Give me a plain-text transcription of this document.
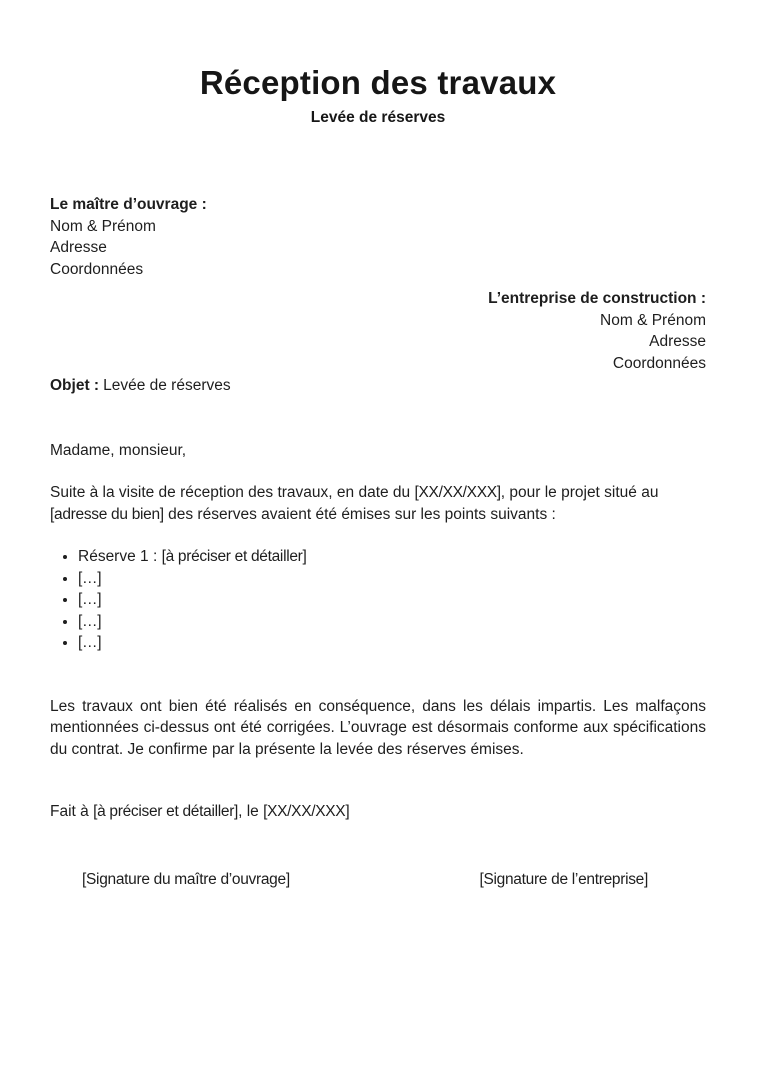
Réception des travaux
Levée de réserves
Le maître d’ouvrage :
Nom & Prénom
Adresse
Coordonnées
L’entreprise de construction :
Nom & Prénom
Adresse
Coordonnées
Objet : Levée de réserves

Madame, monsieur,

Suite à la visite de réception des travaux, en date du [XX/XX/XXX], pour le projet situé au [adresse du bien] des réserves avaient été émises sur les points suivants :

• Réserve 1 : [à préciser et détailler]
• […]
• […]
• […]
• […]

Les travaux ont bien été réalisés en conséquence, dans les délais impartis. Les malfaçons mentionnées ci-dessus ont été corrigées. L’ouvrage est désormais conforme aux spécifications du contrat. Je confirme par la présente la levée des réserves émises.

Fait à [à préciser et détailler], le [XX/XX/XXX]

[Signature du maître d’ouvrage]	[Signature de l’entreprise]
